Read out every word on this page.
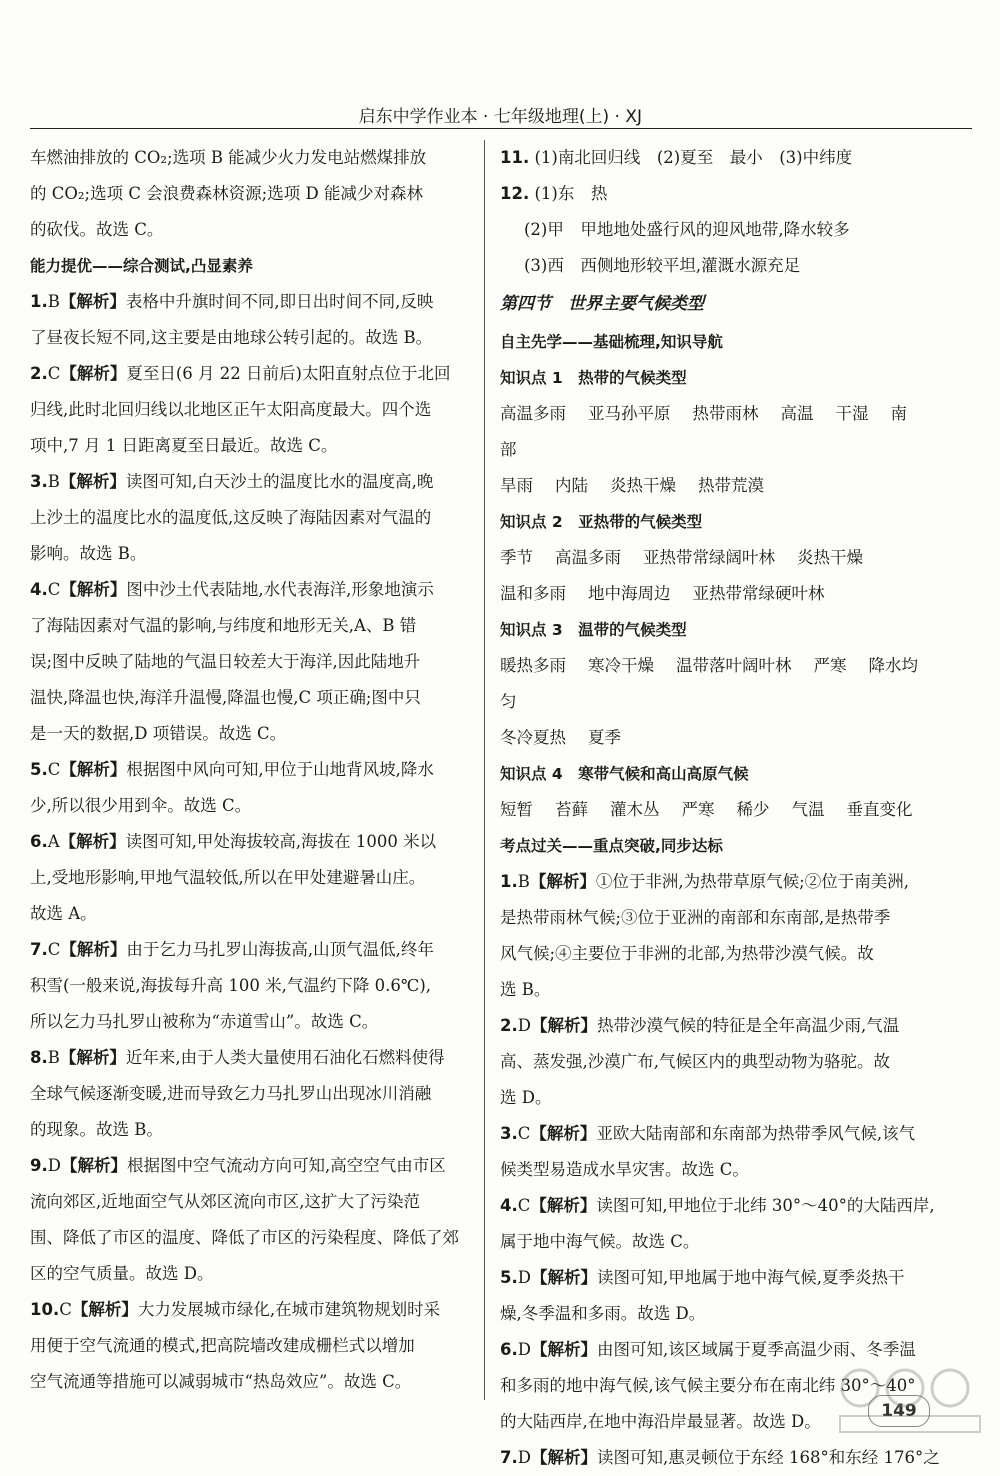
启东中学作业本 · 七年级地理(上) · XJ
车燃油排放的 CO₂;选项 B 能减少火力发电站燃煤排放
的 CO₂;选项 C 会浪费森林资源;选项 D 能减少对森林
的砍伐。故选 C。
能力提优——综合测试,凸显素养
1.B【解析】表格中升旗时间不同,即日出时间不同,反映
了昼夜长短不同,这主要是由地球公转引起的。故选 B。
2.C【解析】夏至日(6 月 22 日前后)太阳直射点位于北回
归线,此时北回归线以北地区正午太阳高度最大。四个选
项中,7 月 1 日距离夏至日最近。故选 C。
3.B【解析】读图可知,白天沙土的温度比水的温度高,晚
上沙土的温度比水的温度低,这反映了海陆因素对气温的
影响。故选 B。
4.C【解析】图中沙土代表陆地,水代表海洋,形象地演示
了海陆因素对气温的影响,与纬度和地形无关,A、B 错
误;图中反映了陆地的气温日较差大于海洋,因此陆地升
温快,降温也快,海洋升温慢,降温也慢,C 项正确;图中只
是一天的数据,D 项错误。故选 C。
5.C【解析】根据图中风向可知,甲位于山地背风坡,降水
少,所以很少用到伞。故选 C。
6.A【解析】读图可知,甲处海拔较高,海拔在 1000 米以
上,受地形影响,甲地气温较低,所以在甲处建避暑山庄。
故选 A。
7.C【解析】由于乞力马扎罗山海拔高,山顶气温低,终年
积雪(一般来说,海拔每升高 100 米,气温约下降 0.6℃),
所以乞力马扎罗山被称为“赤道雪山”。故选 C。
8.B【解析】近年来,由于人类大量使用石油化石燃料使得
全球气候逐渐变暖,进而导致乞力马扎罗山出现冰川消融
的现象。故选 B。
9.D【解析】根据图中空气流动方向可知,高空空气由市区
流向郊区,近地面空气从郊区流向市区,这扩大了污染范
围、降低了市区的温度、降低了市区的污染程度、降低了郊
区的空气质量。故选 D。
10.C【解析】大力发展城市绿化,在城市建筑物规划时采
用便于空气流通的模式,把高院墙改建成栅栏式以增加
空气流通等措施可以减弱城市“热岛效应”。故选 C。
11. (1)南北回归线　(2)夏至　最小　(3)中纬度
12. (1)东　热
(2)甲　甲地地处盛行风的迎风地带,降水较多
(3)西　西侧地形较平坦,灌溉水源充足
第四节　世界主要气候类型
自主先学——基础梳理,知识导航
知识点 1　热带的气候类型
高温多雨 亚马孙平原 热带雨林 高温 干湿 南部
旱雨 内陆 炎热干燥 热带荒漠
知识点 2　亚热带的气候类型
季节 高温多雨 亚热带常绿阔叶林 炎热干燥
温和多雨 地中海周边 亚热带常绿硬叶林
知识点 3　温带的气候类型
暖热多雨 寒冷干燥 温带落叶阔叶林 严寒 降水均匀
冬冷夏热 夏季
知识点 4　寒带气候和高山高原气候
短暂 苔藓 灌木丛 严寒 稀少 气温 垂直变化
考点过关——重点突破,同步达标
1.B【解析】①位于非洲,为热带草原气候;②位于南美洲,
是热带雨林气候;③位于亚洲的南部和东南部,是热带季
风气候;④主要位于非洲的北部,为热带沙漠气候。故
选 B。
2.D【解析】热带沙漠气候的特征是全年高温少雨,气温
高、蒸发强,沙漠广布,气候区内的典型动物为骆驼。故
选 D。
3.C【解析】亚欧大陆南部和东南部为热带季风气候,该气
候类型易造成水旱灾害。故选 C。
4.C【解析】读图可知,甲地位于北纬 30°～40°的大陆西岸,
属于地中海气候。故选 C。
5.D【解析】读图可知,甲地属于地中海气候,夏季炎热干
燥,冬季温和多雨。故选 D。
6.D【解析】由图可知,该区域属于夏季高温少雨、冬季温
和多雨的地中海气候,该气候主要分布在南北纬 30°～40°
的大陆西岸,在地中海沿岸最显著。故选 D。
7.D【解析】读图可知,惠灵顿位于东经 168°和东经 176°之
149
